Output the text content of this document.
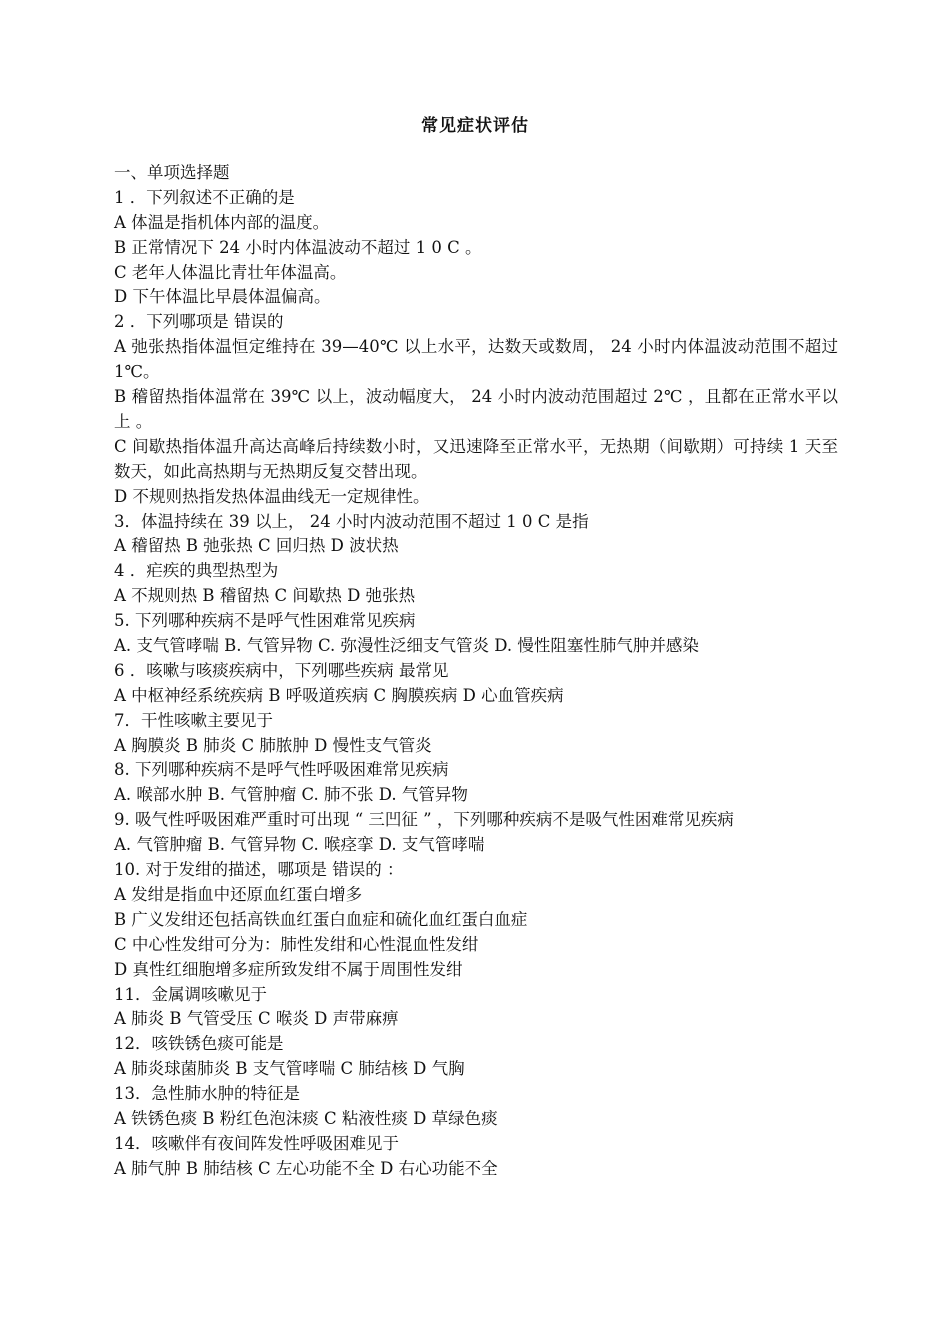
常见症状评估
一、单项选择题
1 ．下列叙述不正确的是
A 体温是指机体内部的温度。
B 正常情况下 24 小时内体温波动不超过 1 0 C 。
C 老年人体温比青壮年体温高。
D 下午体温比早晨体温偏高。
2 ．下列哪项是 错误的
A 弛张热指体温恒定维持在 39—40℃ 以上水平，达数天或数周， 24 小时内体温波动范围不超过 1℃。
B 稽留热指体温常在 39℃ 以上，波动幅度大， 24 小时内波动范围超过 2℃ ，且都在正常水平以上 。
C 间歇热指体温升高达高峰后持续数小时，又迅速降至正常水平，无热期（间歇期）可持续 1 天至数天，如此高热期与无热期反复交替出现。
D 不规则热指发热体温曲线无一定规律性。
3．体温持续在 39 以上， 24 小时内波动范围不超过 1 0 C 是指
A 稽留热 B 弛张热 C 回归热 D 波状热
4 ．疟疾的典型热型为
A 不规则热 B 稽留热 C 间歇热 D 弛张热
5. 下列哪种疾病不是呼气性困难常见疾病
A. 支气管哮喘 B. 气管异物 C. 弥漫性泛细支气管炎 D. 慢性阻塞性肺气肿并感染
6 ．咳嗽与咳痰疾病中，下列哪些疾病 最常见
A 中枢神经系统疾病 B 呼吸道疾病 C 胸膜疾病 D 心血管疾病
7．干性咳嗽主要见于
A 胸膜炎 B 肺炎 C 肺脓肿 D 慢性支气管炎
8. 下列哪种疾病不是呼气性呼吸困难常见疾病
A. 喉部水肿 B. 气管肿瘤 C. 肺不张 D. 气管异物
9. 吸气性呼吸困难严重时可出现 “ 三凹征 ” ，下列哪种疾病不是吸气性困难常见疾病
A. 气管肿瘤 B. 气管异物 C. 喉痉挛 D. 支气管哮喘
10. 对于发绀的描述，哪项是 错误的 ：
A 发绀是指血中还原血红蛋白增多
B 广义发绀还包括高铁血红蛋白血症和硫化血红蛋白血症
C 中心性发绀可分为：肺性发绀和心性混血性发绀
D 真性红细胞增多症所致发绀不属于周围性发绀
11．金属调咳嗽见于
A 肺炎 B 气管受压 C 喉炎 D 声带麻痹
12．咳铁锈色痰可能是
A 肺炎球菌肺炎 B 支气管哮喘 C 肺结核 D 气胸
13．急性肺水肿的特征是
A 铁锈色痰 B 粉红色泡沫痰 C 粘液性痰 D 草绿色痰
14．咳嗽伴有夜间阵发性呼吸困难见于
A 肺气肿 B 肺结核 C 左心功能不全 D 右心功能不全
